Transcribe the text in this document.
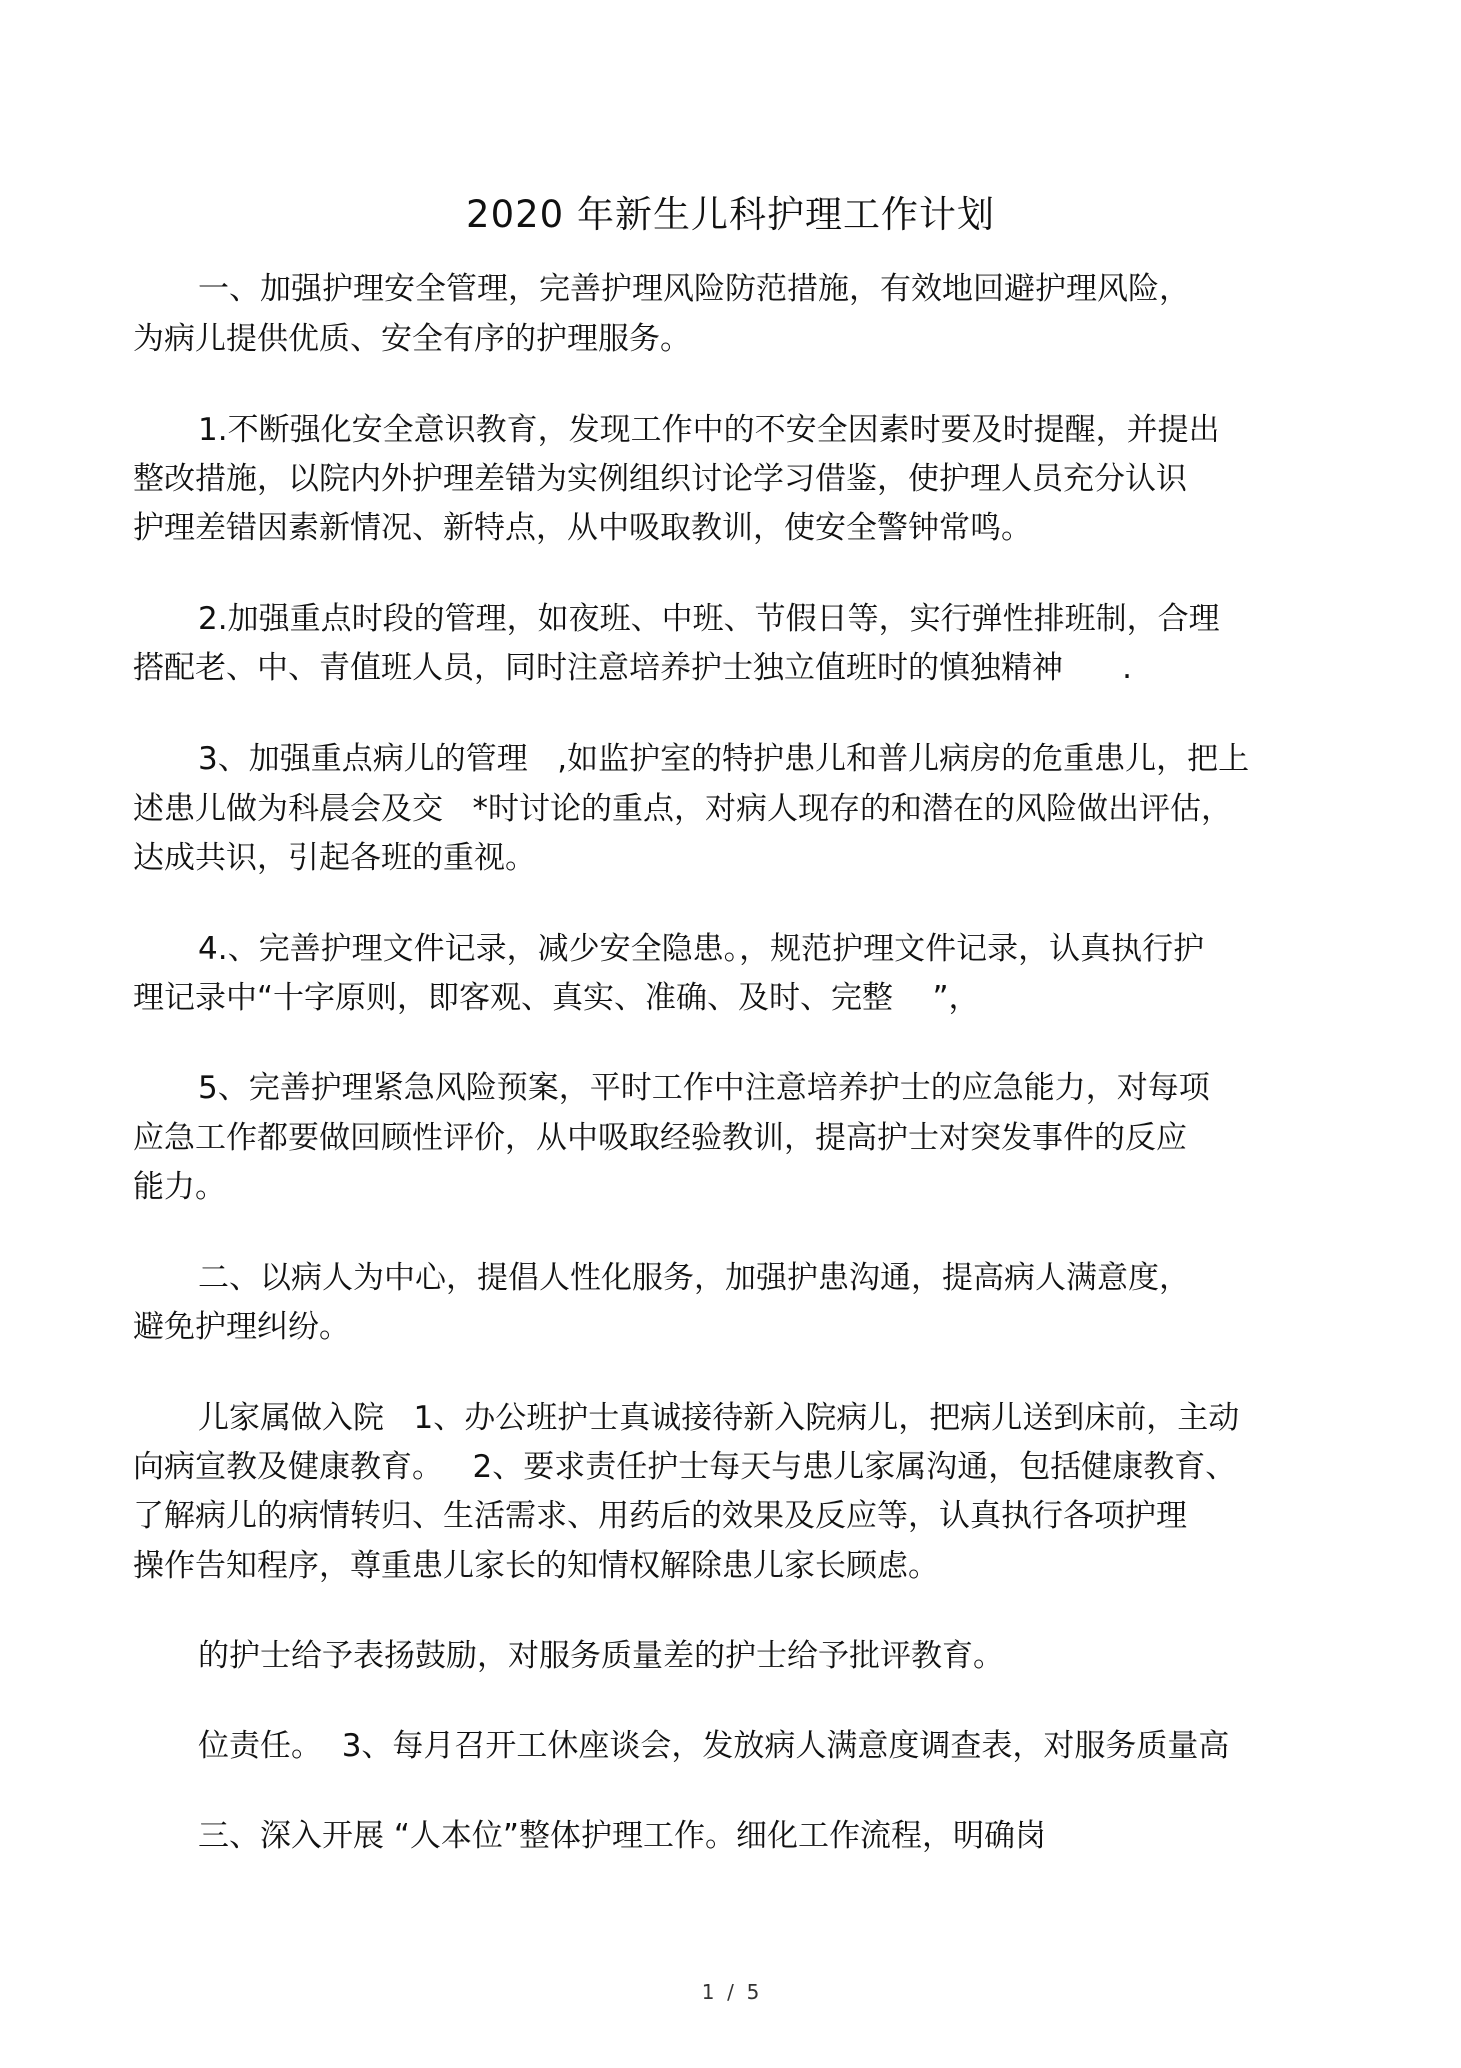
2020 年新生儿科护理工作计划
一、加强护理安全管理，完善护理风险防范措施，有效地回避护理风险，
为病儿提供优质、安全有序的护理服务。
1.不断强化安全意识教育，发现工作中的不安全因素时要及时提醒，并提出
整改措施，以院内外护理差错为实例组织讨论学习借鉴，使护理人员充分认识
护理差错因素新情况、新特点，从中吸取教训，使安全警钟常鸣。
2.加强重点时段的管理，如夜班、中班、节假日等，实行弹性排班制，合理
搭配老、中、青值班人员，同时注意培养护士独立值班时的慎独精神      .
3、加强重点病儿的管理   ,如监护室的特护患儿和普儿病房的危重患儿，把上
述患儿做为科晨会及交   *时讨论的重点，对病人现存的和潜在的风险做出评估，
达成共识，引起各班的重视。
4.、完善护理文件记录，减少安全隐患。，规范护理文件记录，认真执行护
理记录中“十字原则，即客观、真实、准确、及时、完整    ”，
5、完善护理紧急风险预案，平时工作中注意培养护士的应急能力，对每项
应急工作都要做回顾性评价，从中吸取经验教训，提高护士对突发事件的反应
能力。
二、以病人为中心，提倡人性化服务，加强护患沟通，提高病人满意度，
避免护理纠纷。
儿家属做入院   1、办公班护士真诚接待新入院病儿，把病儿送到床前，主动
向病宣教及健康教育。   2、要求责任护士每天与患儿家属沟通，包括健康教育、
了解病儿的病情转归、生活需求、用药后的效果及反应等，认真执行各项护理
操作告知程序，尊重患儿家长的知情权解除患儿家长顾虑。
的护士给予表扬鼓励，对服务质量差的护士给予批评教育。
位责任。  3、每月召开工休座谈会，发放病人满意度调查表，对服务质量高
三、深入开展 “人本位”整体护理工作。细化工作流程，明确岗
1  /  5
